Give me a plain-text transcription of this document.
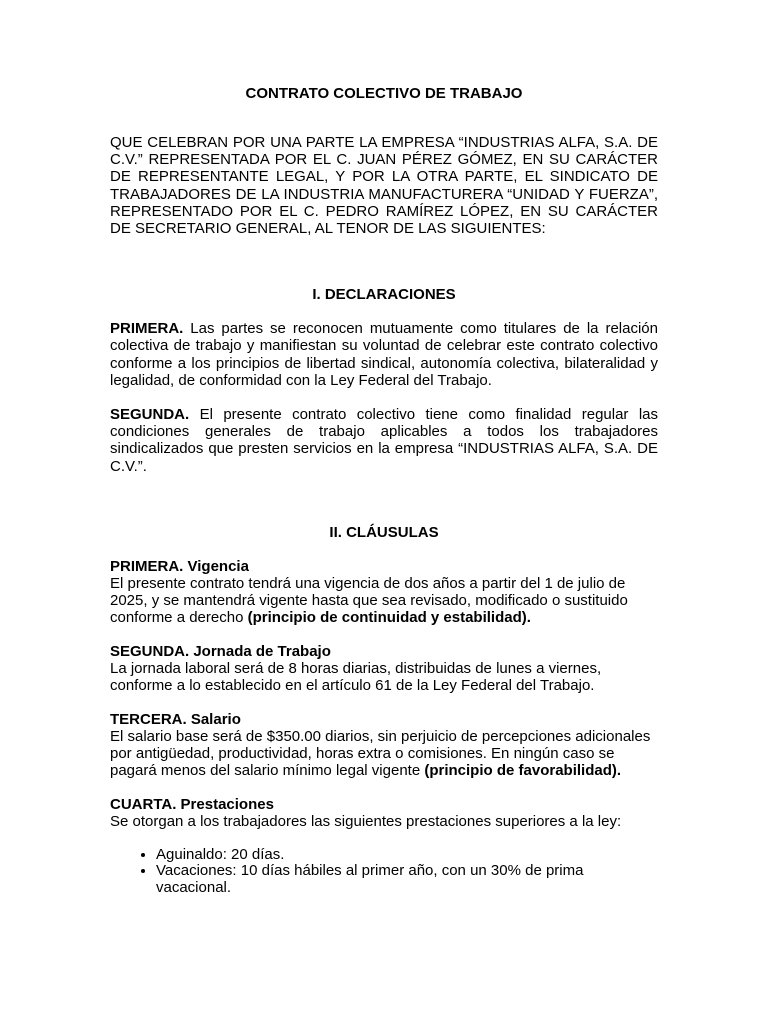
CONTRATO COLECTIVO DE TRABAJO

QUE CELEBRAN POR UNA PARTE LA EMPRESA “INDUSTRIAS ALFA, S.A. DE C.V.” REPRESENTADA POR EL C. JUAN PÉREZ GÓMEZ, EN SU CARÁCTER DE REPRESENTANTE LEGAL, Y POR LA OTRA PARTE, EL SINDICATO DE TRABAJADORES DE LA INDUSTRIA MANUFACTURERA “UNIDAD Y FUERZA”, REPRESENTADO POR EL C. PEDRO RAMÍREZ LÓPEZ, EN SU CARÁCTER DE SECRETARIO GENERAL, AL TENOR DE LAS SIGUIENTES:

I. DECLARACIONES

PRIMERA. Las partes se reconocen mutuamente como titulares de la relación colectiva de trabajo y manifiestan su voluntad de celebrar este contrato colectivo conforme a los principios de libertad sindical, autonomía colectiva, bilateralidad y legalidad, de conformidad con la Ley Federal del Trabajo.

SEGUNDA. El presente contrato colectivo tiene como finalidad regular las condiciones generales de trabajo aplicables a todos los trabajadores sindicalizados que presten servicios en la empresa “INDUSTRIAS ALFA, S.A. DE C.V.”.

II. CLÁUSULAS

PRIMERA. Vigencia
El presente contrato tendrá una vigencia de dos años a partir del 1 de julio de 2025, y se mantendrá vigente hasta que sea revisado, modificado o sustituido conforme a derecho (principio de continuidad y estabilidad).

SEGUNDA. Jornada de Trabajo
La jornada laboral será de 8 horas diarias, distribuidas de lunes a viernes, conforme a lo establecido en el artículo 61 de la Ley Federal del Trabajo.

TERCERA. Salario
El salario base será de $350.00 diarios, sin perjuicio de percepciones adicionales por antigüedad, productividad, horas extra o comisiones. En ningún caso se pagará menos del salario mínimo legal vigente (principio de favorabilidad).

CUARTA. Prestaciones
Se otorgan a los trabajadores las siguientes prestaciones superiores a la ley:

• Aguinaldo: 20 días.
• Vacaciones: 10 días hábiles al primer año, con un 30% de prima vacacional.
